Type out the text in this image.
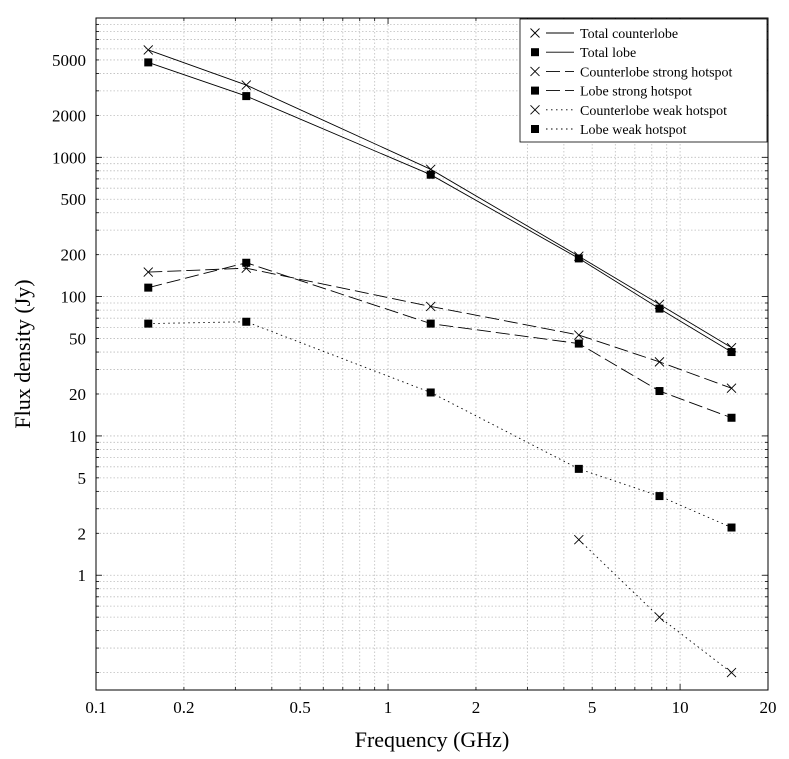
0.1	0.2	0.5	1	2	5	10	20
1
2
5
10
20
50
100
200
500
1000
2000
5000
Total counterlobe
Total lobe
Counterlobe strong hotspot
Lobe strong hotspot
Counterlobe weak hotspot
Lobe weak hotspot
Frequency (GHz)
Flux density (Jy)
